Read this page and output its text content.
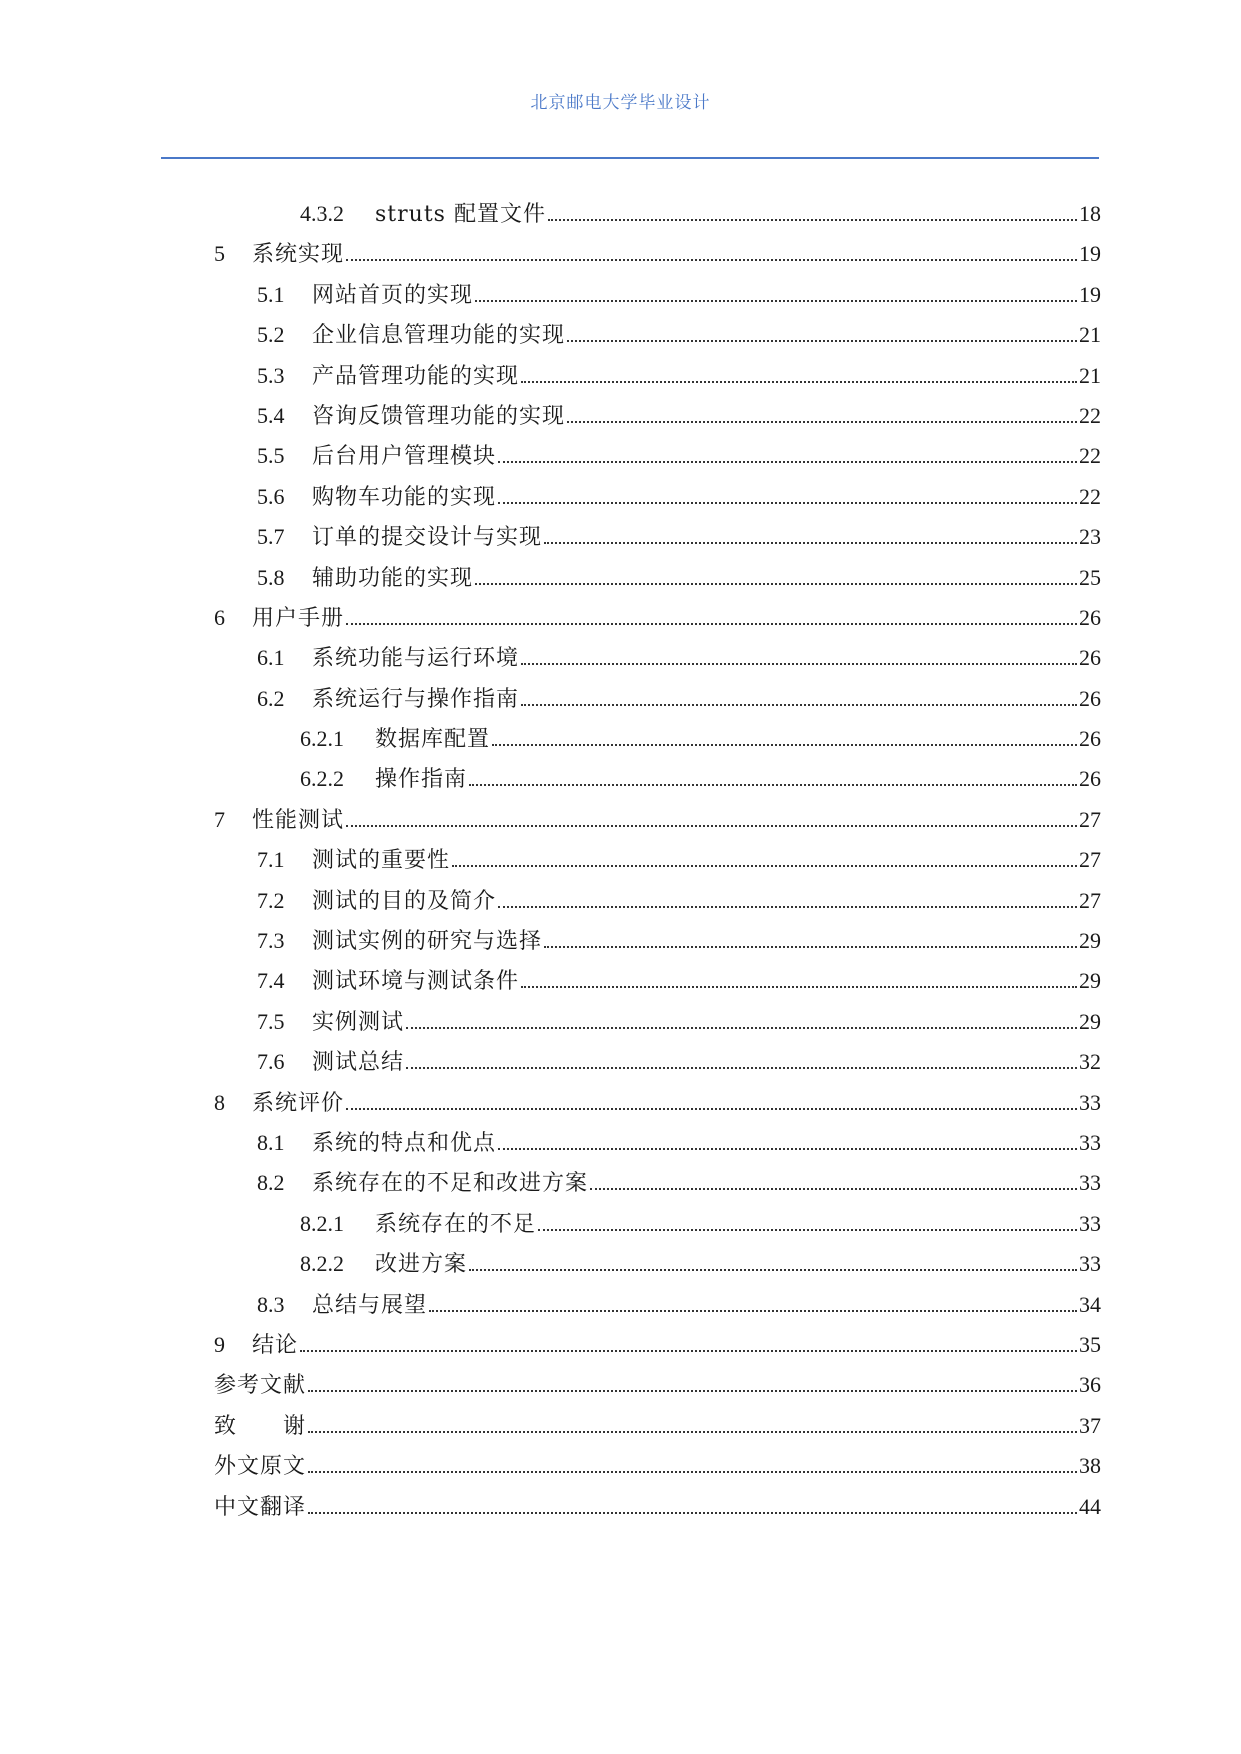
北京邮电大学毕业设计
4.3.2	struts 配置文件	18
5	系统实现	19
5.1	网站首页的实现	19
5.2	企业信息管理功能的实现	21
5.3	产品管理功能的实现	21
5.4	咨询反馈管理功能的实现	22
5.5	后台用户管理模块	22
5.6	购物车功能的实现	22
5.7	订单的提交设计与实现	23
5.8	辅助功能的实现	25
6	用户手册	26
6.1	系统功能与运行环境	26
6.2	系统运行与操作指南	26
6.2.1	数据库配置	26
6.2.2	操作指南	26
7	性能测试	27
7.1	测试的重要性	27
7.2	测试的目的及简介	27
7.3	测试实例的研究与选择	29
7.4	测试环境与测试条件	29
7.5	实例测试	29
7.6	测试总结	32
8	系统评价	33
8.1	系统的特点和优点	33
8.2	系统存在的不足和改进方案	33
8.2.1	系统存在的不足	33
8.2.2	改进方案	33
8.3	总结与展望	34
9	结论	35
参考文献	36
致　　谢	37
外文原文	38
中文翻译	44
